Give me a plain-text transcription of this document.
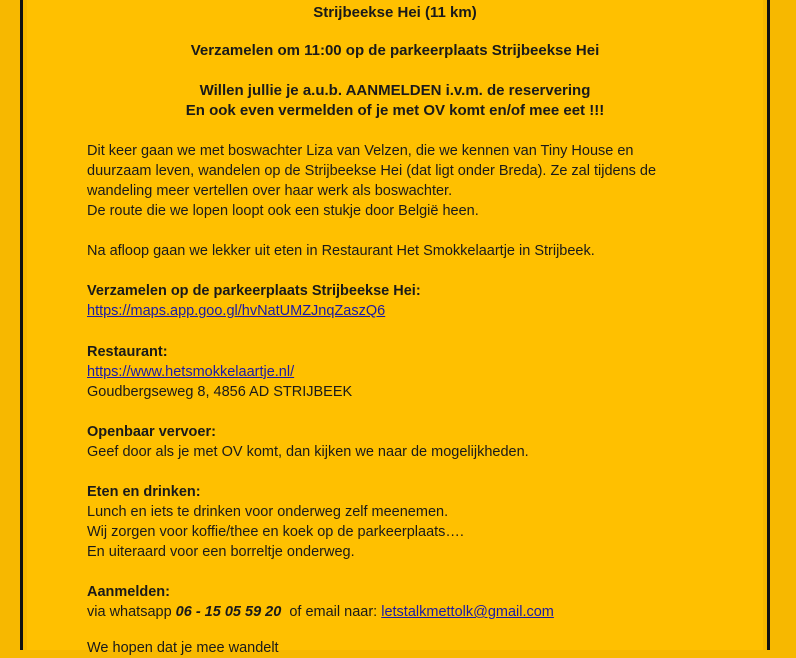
Strijbeekse Hei (11 km)
Verzamelen om 11:00 op de parkeerplaats Strijbeekse Hei
Willen jullie je a.u.b. AANMELDEN i.v.m. de reservering
En ook even vermelden of je met OV komt en/of mee eet !!!
Dit keer gaan we met boswachter Liza van Velzen, die we kennen van Tiny House en
duurzaam leven, wandelen op de Strijbeekse Hei (dat ligt onder Breda). Ze zal tijdens de
wandeling meer vertellen over haar werk als boswachter.
De route die we lopen loopt ook een stukje door België heen.
Na afloop gaan we lekker uit eten in Restaurant Het Smokkelaartje in Strijbeek.
Verzamelen op de parkeerplaats Strijbeekse Hei:
https://maps.app.goo.gl/hvNatUMZJnqZaszQ6
Restaurant:
https://www.hetsmokkelaartje.nl/
Goudbergseweg 8, 4856 AD STRIJBEEK
Openbaar vervoer:
Geef door als je met OV komt, dan kijken we naar de mogelijkheden.
Eten en drinken:
Lunch en iets te drinken voor onderweg zelf meenemen.
Wij zorgen voor koffie/thee en koek op de parkeerplaats….
En uiteraard voor een borreltje onderweg.
Aanmelden:
via whatsapp 06 - 15 05 59 20  of email naar: letstalkmettolk@gmail.com
We hopen dat je mee wandelt
